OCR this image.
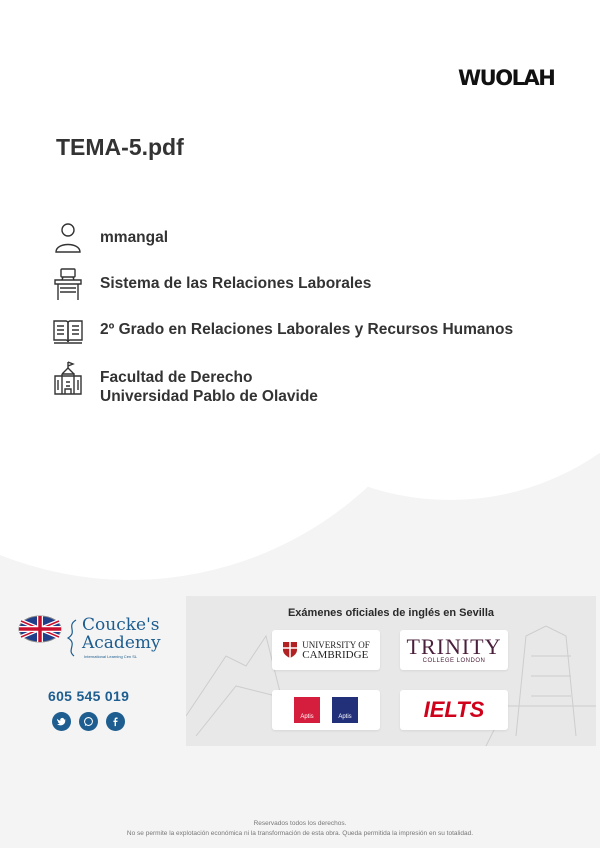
WUOLAH
TEMA-5.pdf
mmangal
Sistema de las Relaciones Laborales
2º Grado en Relaciones Laborales y Recursos Humanos
Facultad de Derecho
Universidad Pablo de Olavide
Coucke's
Academy
International Learning Cen SL
605 545 019
Exámenes oficiales de inglés en Sevilla
UNIVERSITY OF
CAMBRIDGE TRINITY
COLLEGE LONDON
Aptis	Aptis	IELTS
Reservados todos los derechos.
No se permite la explotación económica ni la transformación de esta obra. Queda permitida la impresión en su totalidad.
